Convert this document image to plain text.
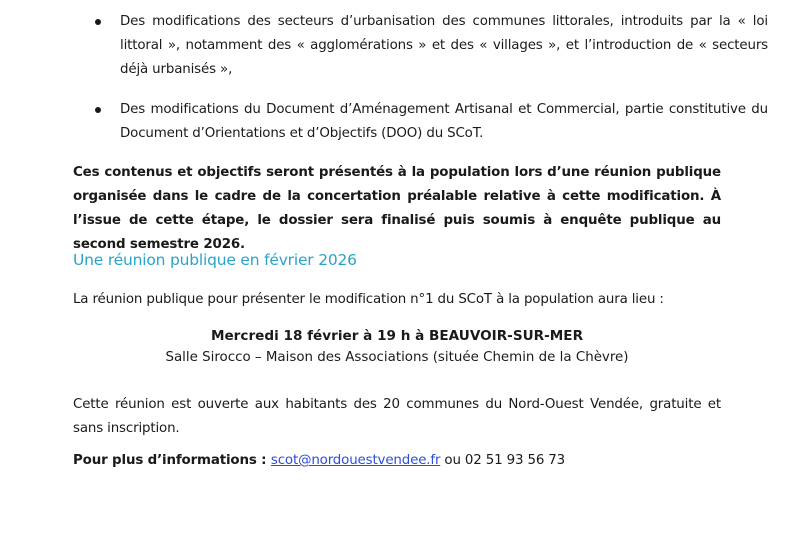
Des modifications des secteurs d’urbanisation des communes littorales, introduits par la « loi littoral », notamment des « agglomérations » et des « villages », et l’introduction de « secteurs déjà urbanisés »,

Des modifications du Document d’Aménagement Artisanal et Commercial, partie constitutive du Document d’Orientations et d’Objectifs (DOO) du SCoT.

Ces contenus et objectifs seront présentés à la population lors d’une réunion publique organisée dans le cadre de la concertation préalable relative à cette modification. À l’issue de cette étape, le dossier sera finalisé puis soumis à enquête publique au second semestre 2026.

Une réunion publique en février 2026

La réunion publique pour présenter le modification n°1 du SCoT à la population aura lieu :

Mercredi 18 février à 19 h à BEAUVOIR-SUR-MER
Salle Sirocco – Maison des Associations (située Chemin de la Chèvre)

Cette réunion est ouverte aux habitants des 20 communes du Nord-Ouest Vendée, gratuite et sans inscription.

Pour plus d’informations : scot@nordouestvendee.fr ou 02 51 93 56 73
